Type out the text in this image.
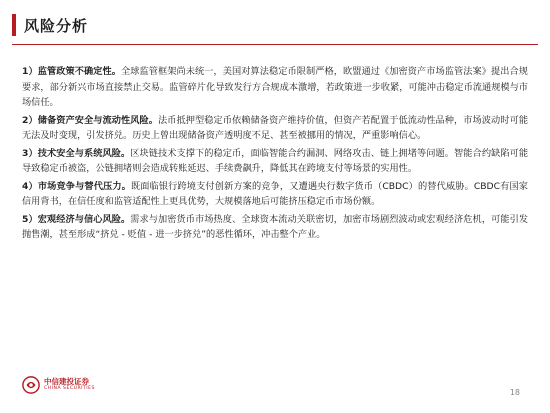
风险分析
1）监管政策不确定性。全球监管框架尚未统一，美国对算法稳定币限制严格，欧盟通过《加密资产市场监管法案》提出合规要求，部分新兴市场直接禁止交易。监管碎片化导致发行方合规成本激增，若政策进一步收紧，可能冲击稳定币流通规模与市场信任。
2）储备资产安全与流动性风险。法币抵押型稳定币依赖储备资产维持价值，但资产若配置于低流动性品种，市场波动时可能无法及时变现，引发挤兑。历史上曾出现储备资产透明度不足、甚至被挪用的情况，严重影响信心。
3）技术安全与系统风险。区块链技术支撑下的稳定币，面临智能合约漏洞、网络攻击、链上拥堵等问题。智能合约缺陷可能导致稳定币被盗，公链拥堵则会造成转账延迟、手续费飙升，降低其在跨境支付等场景的实用性。
4）市场竞争与替代压力。既面临银行跨境支付创新方案的竞争，又遭遇央行数字货币（CBDC）的替代威胁。CBDC有国家信用背书，在信任度和监管适配性上更具优势，大规模落地后可能挤压稳定币市场份额。
5）宏观经济与信心风险。需求与加密货币市场热度、全球资本流动关联密切，加密市场剧烈波动或宏观经济危机，可能引发抛售潮，甚至形成“挤兑 - 贬值 - 进一步挤兑”的恶性循环，冲击整个产业。
中信建投证券
CHINA SECURITIES	18
